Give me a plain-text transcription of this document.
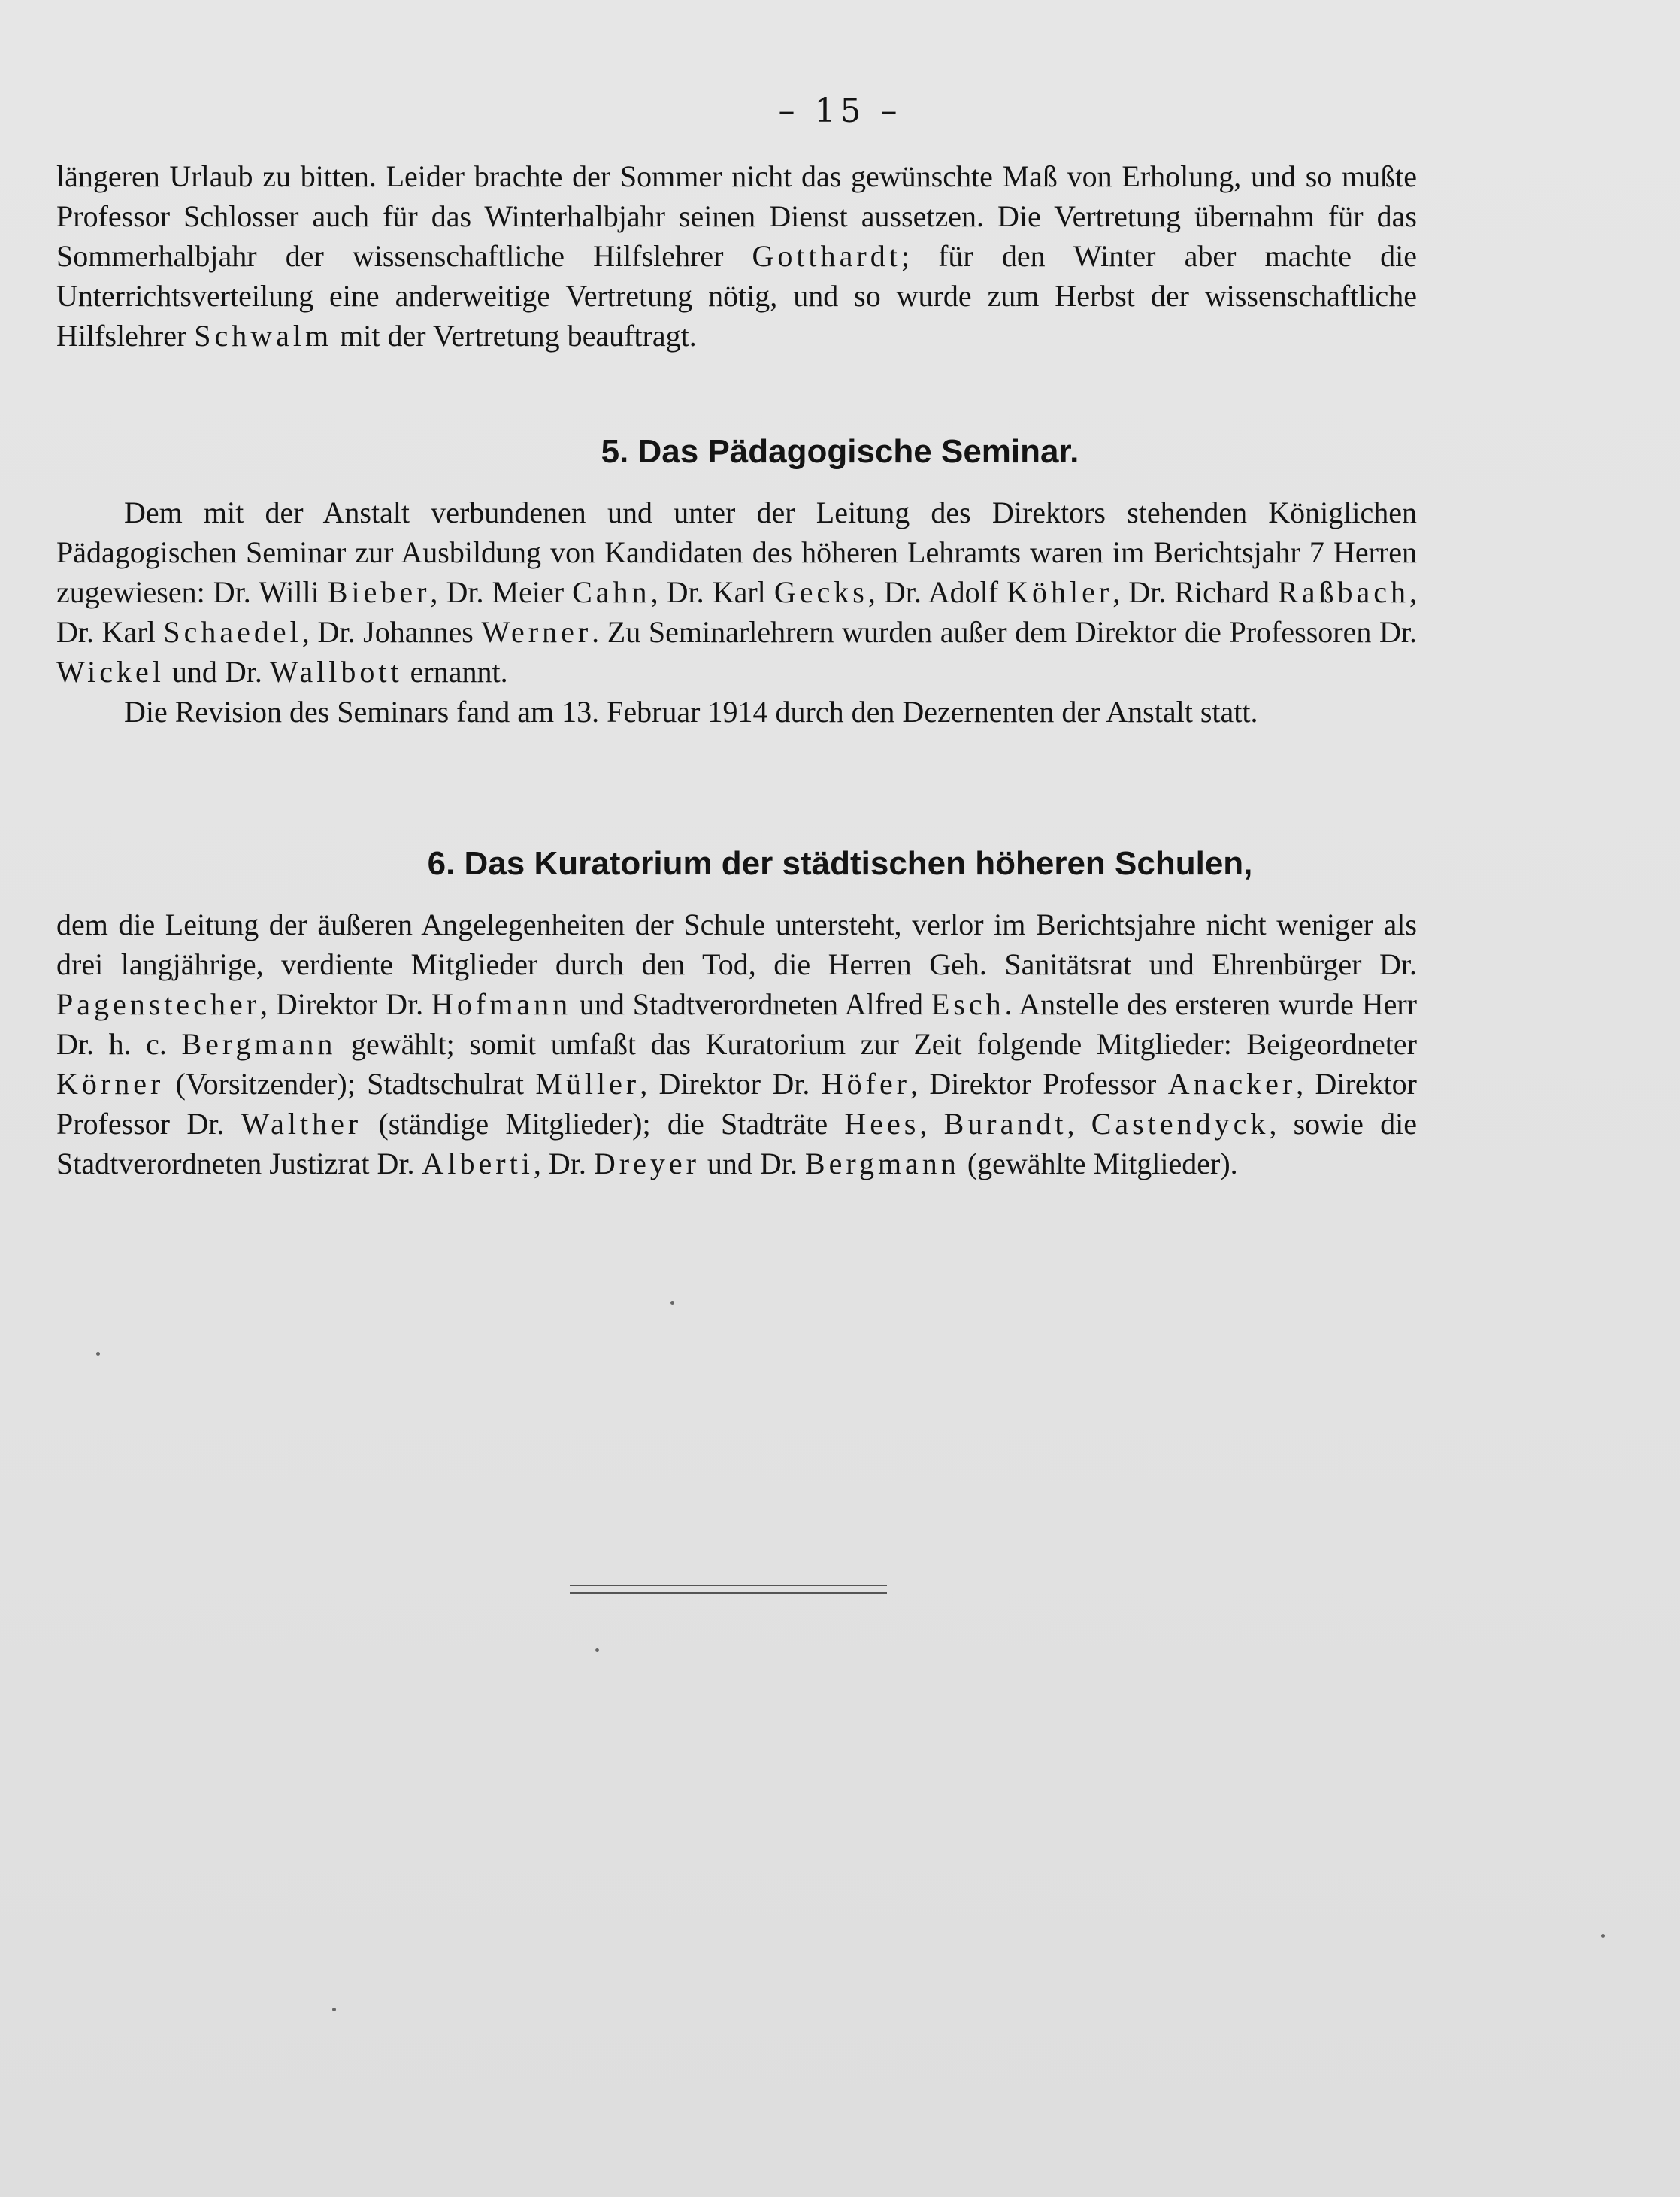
– 15 –

längeren Urlaub zu bitten. Leider brachte der Sommer nicht das gewünschte Maß von Erholung, und so mußte Professor Schlosser auch für das Winterhalbjahr seinen Dienst aussetzen. Die Vertretung übernahm für das Sommerhalbjahr der wissenschaftliche Hilfslehrer Gotthardt; für den Winter aber machte die Unterrichtsverteilung eine anderweitige Vertretung nötig, und so wurde zum Herbst der wissenschaftliche Hilfslehrer Schwalm mit der Vertretung beauftragt.

5. Das Pädagogische Seminar.

Dem mit der Anstalt verbundenen und unter der Leitung des Direktors stehenden Königlichen Pädagogischen Seminar zur Ausbildung von Kandidaten des höheren Lehramts waren im Berichtsjahr 7 Herren zugewiesen: Dr. Willi Bieber, Dr. Meier Cahn, Dr. Karl Gecks, Dr. Adolf Köhler, Dr. Richard Raßbach, Dr. Karl Schaedel, Dr. Johannes Werner. Zu Seminarlehrern wurden außer dem Direktor die Professoren Dr. Wickel und Dr. Wallbott ernannt.

Die Revision des Seminars fand am 13. Februar 1914 durch den Dezernenten der Anstalt statt.

6. Das Kuratorium der städtischen höheren Schulen,

dem die Leitung der äußeren Angelegenheiten der Schule untersteht, verlor im Berichtsjahre nicht weniger als drei langjährige, verdiente Mitglieder durch den Tod, die Herren Geh. Sanitätsrat und Ehrenbürger Dr. Pagenstecher, Direktor Dr. Hofmann und Stadtverordneten Alfred Esch. Anstelle des ersteren wurde Herr Dr. h. c. Bergmann gewählt; somit umfaßt das Kuratorium zur Zeit folgende Mitglieder: Beigeordneter Körner (Vorsitzender); Stadtschulrat Müller, Direktor Dr. Höfer, Direktor Professor Anacker, Direktor Professor Dr. Walther (ständige Mitglieder); die Stadträte Hees, Burandt, Castendyck, sowie die Stadtverordneten Justizrat Dr. Alberti, Dr. Dreyer und Dr. Bergmann (gewählte Mitglieder).
